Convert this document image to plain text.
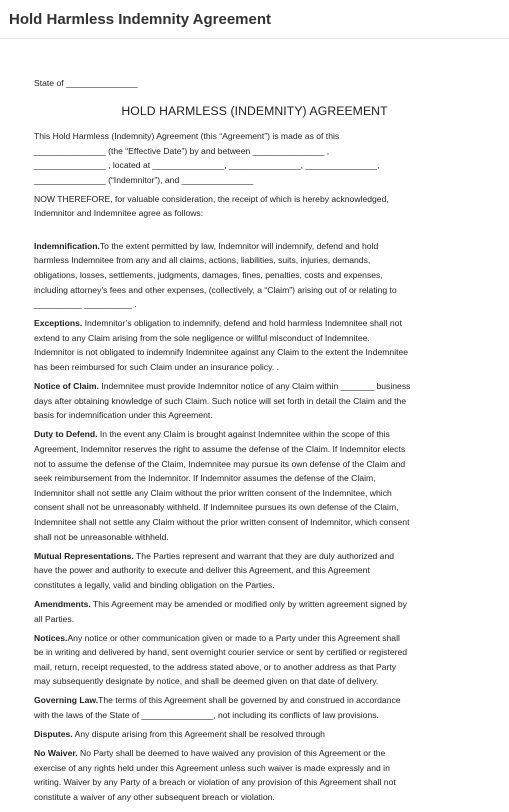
Hold Harmless Indemnity Agreement

State of _______________

HOLD HARMLESS (INDEMNITY) AGREEMENT

This Hold Harmless (Indemnity) Agreement (this “Agreement”) is made as of this

_______________ (the “Effective Date”) by and between _______________ ,

_______________ , located at _______________, _______________, _______________,

_______________ (“Indemnitor”), and _______________

NOW THEREFORE, for valuable consideration, the receipt of which is hereby acknowledged,

Indemnitor and Indemnitee agree as follows:

Indemnification.To the extent permitted by law, Indemnitor will indemnify, defend and hold

harmless Indemnitee from any and all claims, actions, liabilities, suits, injuries, demands,

obligations, losses, settlements, judgments, damages, fines, penalties, costs and expenses,

including attorney’s fees and other expenses, (collectively, a “Claim”) arising out of or relating to

__________ __________ .

Exceptions. Indemnitor’s obligation to indemnify, defend and hold harmless Indemnitee shall not

extend to any Claim arising from the sole negligence or willful misconduct of Indemnitee.

Indemnitor is not obligated to indemnify Indemnitee against any Claim to the extent the Indemnitee

has been reimbursed for such Claim under an insurance policy. .

Notice of Claim. Indemnitee must provide Indemnitor notice of any Claim within _______ business

days after obtaining knowledge of such Claim. Such notice will set forth in detail the Claim and the

basis for indemnification under this Agreement.

Duty to Defend. In the event any Claim is brought against Indemnitee within the scope of this

Agreement, Indemnitor reserves the right to assume the defense of the Claim. If Indemnitor elects

not to assume the defense of the Claim, Indemnitee may pursue its own defense of the Claim and

seek reimbursement from the Indemnitor. If Indemnitor assumes the defense of the Claim,

Indemnitor shall not settle any Claim without the prior written consent of the Indemnitee, which

consent shall not be unreasonably withheld. If Indemnitee pursues its own defense of the Claim,

Indemnitee shall not settle any Claim without the prior written consent of Indemnitor, which consent

shall not be unreasonable withheld.

Mutual Representations. The Parties represent and warrant that they are duly authorized and

have the power and authority to execute and deliver this Agreement, and this Agreement

constitutes a legally, valid and binding obligation on the Parties.

Amendments. This Agreement may be amended or modified only by written agreement signed by

all Parties.

Notices.Any notice or other communication given or made to a Party under this Agreement shall

be in writing and delivered by hand, sent overnight courier service or sent by certified or registered

mail, return, receipt requested, to the address stated above, or to another address as that Party

may subsequently designate by notice, and shall be deemed given on that date of delivery.

Governing Law.The terms of this Agreement shall be governed by and construed in accordance

with the laws of the State of _______________, not including its conflicts of law provisions.

Disputes. Any dispute arising from this Agreement shall be resolved through

No Waiver. No Party shall be deemed to have waived any provision of this Agreement or the

exercise of any rights held under this Agreement unless such waiver is made expressly and in

writing. Waiver by any Party of a breach or violation of any provision of this Agreement shall not

constitute a waiver of any other subsequent breach or violation.
